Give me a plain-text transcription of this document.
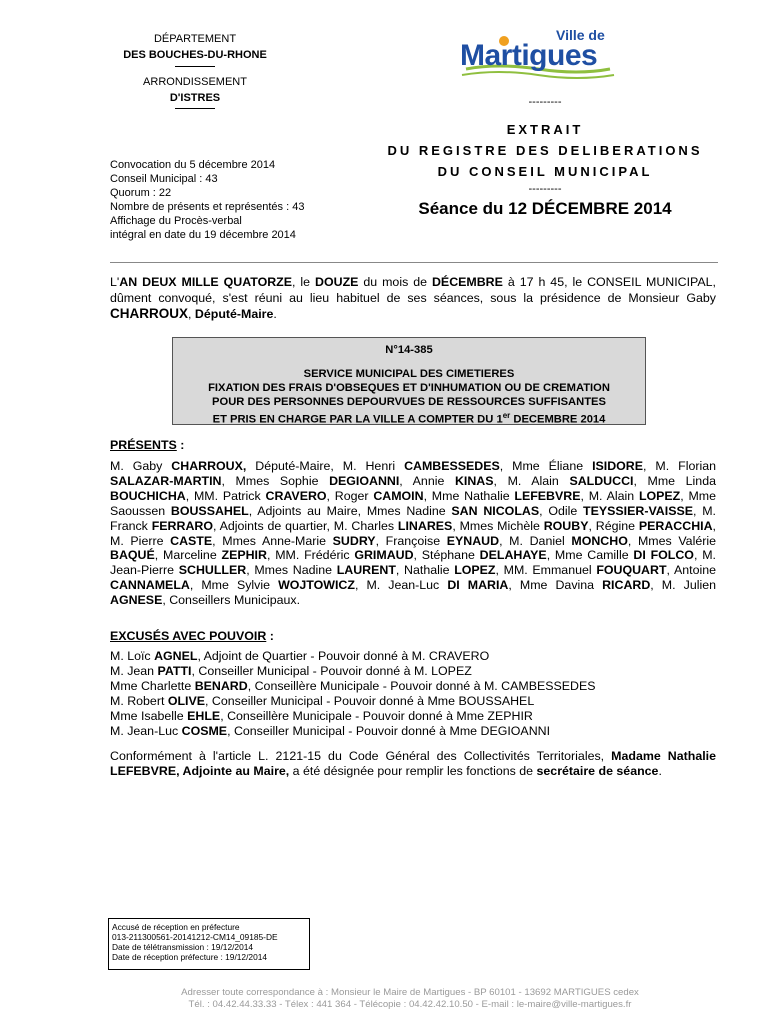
DÉPARTEMENT
DES BOUCHES-DU-RHONE
ARRONDISSEMENT
D'ISTRES
Convocation du 5 décembre 2014
Conseil Municipal : 43
Quorum : 22
Nombre de présents et représentés : 43
Affichage du Procès-verbal
intégral en date du 19 décembre 2014
Ville de
Martigues
---------
EXTRAIT
DU REGISTRE DES DELIBERATIONS
DU CONSEIL MUNICIPAL
---------
Séance du 12 DÉCEMBRE 2014
L'AN DEUX MILLE QUATORZE, le DOUZE du mois de DÉCEMBRE à 17 h 45, le CONSEIL MUNICIPAL, dûment convoqué, s'est réuni au lieu habituel de ses séances, sous la présidence de Monsieur Gaby CHARROUX, Député-Maire.
N°14-385
SERVICE MUNICIPAL DES CIMETIERES
FIXATION DES FRAIS D'OBSEQUES ET D'INHUMATION OU DE CREMATION
POUR DES PERSONNES DEPOURVUES DE RESSOURCES SUFFISANTES
ET PRIS EN CHARGE PAR LA VILLE A COMPTER DU 1er DECEMBRE 2014
PRÉSENTS :
M. Gaby CHARROUX, Député-Maire, M. Henri CAMBESSEDES, Mme Éliane ISIDORE, M. Florian SALAZAR-MARTIN, Mmes Sophie DEGIOANNI, Annie KINAS, M. Alain SALDUCCI, Mme Linda BOUCHICHA, MM. Patrick CRAVERO, Roger CAMOIN, Mme Nathalie LEFEBVRE, M. Alain LOPEZ, Mme Saoussen BOUSSAHEL, Adjoints au Maire, Mmes Nadine SAN NICOLAS, Odile TEYSSIER-VAISSE, M. Franck FERRARO, Adjoints de quartier, M. Charles LINARES, Mmes Michèle ROUBY, Régine PERACCHIA, M. Pierre CASTE, Mmes Anne-Marie SUDRY, Françoise EYNAUD, M. Daniel MONCHO, Mmes Valérie BAQUÉ, Marceline ZEPHIR, MM. Frédéric GRIMAUD, Stéphane DELAHAYE, Mme Camille DI FOLCO, M. Jean-Pierre SCHULLER, Mmes Nadine LAURENT, Nathalie LOPEZ, MM. Emmanuel FOUQUART, Antoine CANNAMELA, Mme Sylvie WOJTOWICZ, M. Jean-Luc DI MARIA, Mme Davina RICARD, M. Julien AGNESE, Conseillers Municipaux.
EXCUSÉS AVEC POUVOIR :
M. Loïc AGNEL, Adjoint de Quartier - Pouvoir donné à M. CRAVERO
M. Jean PATTI, Conseiller Municipal - Pouvoir donné à M. LOPEZ
Mme Charlette BENARD, Conseillère Municipale - Pouvoir donné à M. CAMBESSEDES
M. Robert OLIVE, Conseiller Municipal - Pouvoir donné à Mme BOUSSAHEL
Mme Isabelle EHLE, Conseillère Municipale - Pouvoir donné à Mme ZEPHIR
M. Jean-Luc COSME, Conseiller Municipal - Pouvoir donné à Mme DEGIOANNI
Conformément à l'article L. 2121-15 du Code Général des Collectivités Territoriales, Madame Nathalie LEFEBVRE, Adjointe au Maire, a été désignée pour remplir les fonctions de secrétaire de séance.
Accusé de réception en préfecture
013-211300561-20141212-CM14_09185-DE
Date de télétransmission : 19/12/2014
Date de réception préfecture : 19/12/2014
Adresser toute correspondance à : Monsieur le Maire de Martigues - BP 60101 - 13692 MARTIGUES cedex
Tél. : 04.42.44.33.33 - Télex : 441 364 - Télécopie : 04.42.42.10.50 - E-mail : le-maire@ville-martigues.fr
